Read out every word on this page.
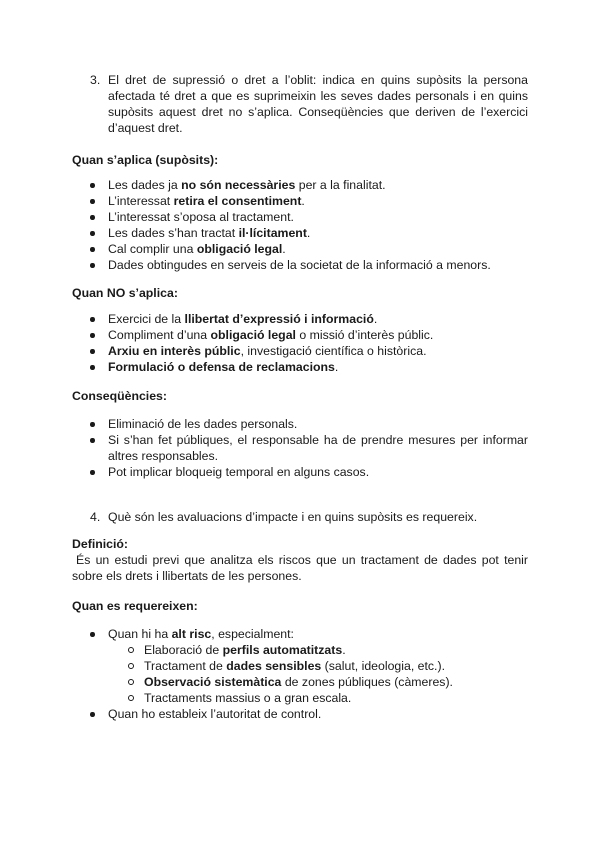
3. El dret de supressió o dret a l’oblit: indica en quins supòsits la persona afectada té dret a que es suprimeixin les seves dades personals i en quins supòsits aquest dret no s’aplica. Conseqüències que deriven de l’exercici d’aquest dret.
Quan s’aplica (supòsits):
Les dades ja no són necessàries per a la finalitat.
L’interessat retira el consentiment.
L’interessat s’oposa al tractament.
Les dades s’han tractat il·lícitament.
Cal complir una obligació legal.
Dades obtingudes en serveis de la societat de la informació a menors.
Quan NO s’aplica:
Exercici de la llibertat d’expressió i informació.
Compliment d’una obligació legal o missió d’interès públic.
Arxiu en interès públic, investigació científica o històrica.
Formulació o defensa de reclamacions.
Conseqüències:
Eliminació de les dades personals.
Si s’han fet públiques, el responsable ha de prendre mesures per informar altres responsables.
Pot implicar bloqueig temporal en alguns casos.
4. Què són les avaluacions d’impacte i en quins supòsits es requereix.
Definició:
És un estudi previ que analitza els riscos que un tractament de dades pot tenir sobre els drets i llibertats de les persones.
Quan es requereixen:
Quan hi ha alt risc, especialment:
Elaboració de perfils automatitzats.
Tractament de dades sensibles (salut, ideologia, etc.).
Observació sistemàtica de zones públiques (càmeres).
Tractaments massius o a gran escala.
Quan ho estableix l’autoritat de control.
